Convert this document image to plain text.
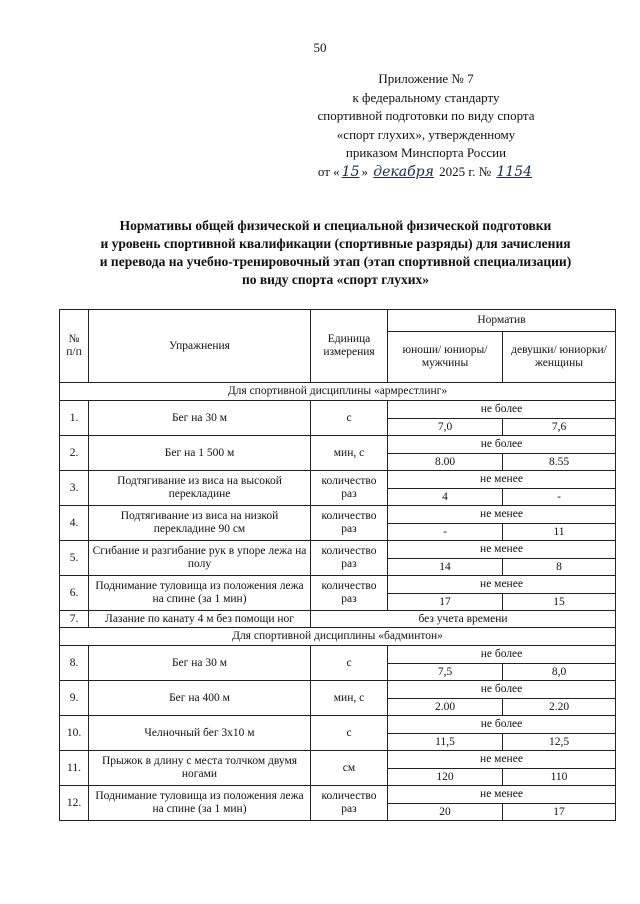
50
Приложение № 7
к федеральному стандарту
спортивной подготовки по виду спорта
«спорт глухих», утвержденному
приказом Минспорта России
от « 15 » декабря 2025 г. № 1154
Нормативы общей физической и специальной физической подготовки
и уровень спортивной квалификации (спортивные разряды) для зачисления
и перевода на учебно-тренировочный этап (этап спортивной специализации)
по виду спорта «спорт глухих»
№ п/п	Упражнения	Единица измерения	Норматив	
			юноши/ юниоры/ мужчины	девушки/ юниорки/ женщины
Для спортивной дисциплины «армрестлинг»				
1.	Бег на 30 м	с	не более	
			7,0	7,6
2.	Бег на 1 500 м	мин, с	не более	
			8.00	8.55
3.	Подтягивание из виса на высокой перекладине	количество раз	не менее	
			4	-
4.	Подтягивание из виса на низкой перекладине 90 см	количество раз	не менее	
			-	11
5.	Сгибание и разгибание рук в упоре лежа на полу	количество раз	не менее	
			14	8
6.	Поднимание туловища из положения лежа на спине (за 1 мин)	количество раз	не менее	
			17	15
7.	Лазание по канату 4 м без помощи ног	без учета времени		
Для спортивной дисциплины «бадминтон»				
8.	Бег на 30 м	с	не более	
			7,5	8,0
9.	Бег на 400 м	мин, с	не более	
			2.00	2.20
10.	Челночный бег 3х10 м	с	не более	
			11,5	12,5
11.	Прыжок в длину с места толчком двумя ногами	см	не менее	
			120	110
12.	Поднимание туловища из положения лежа на спине (за 1 мин)	количество раз	не менее	
			20	17
